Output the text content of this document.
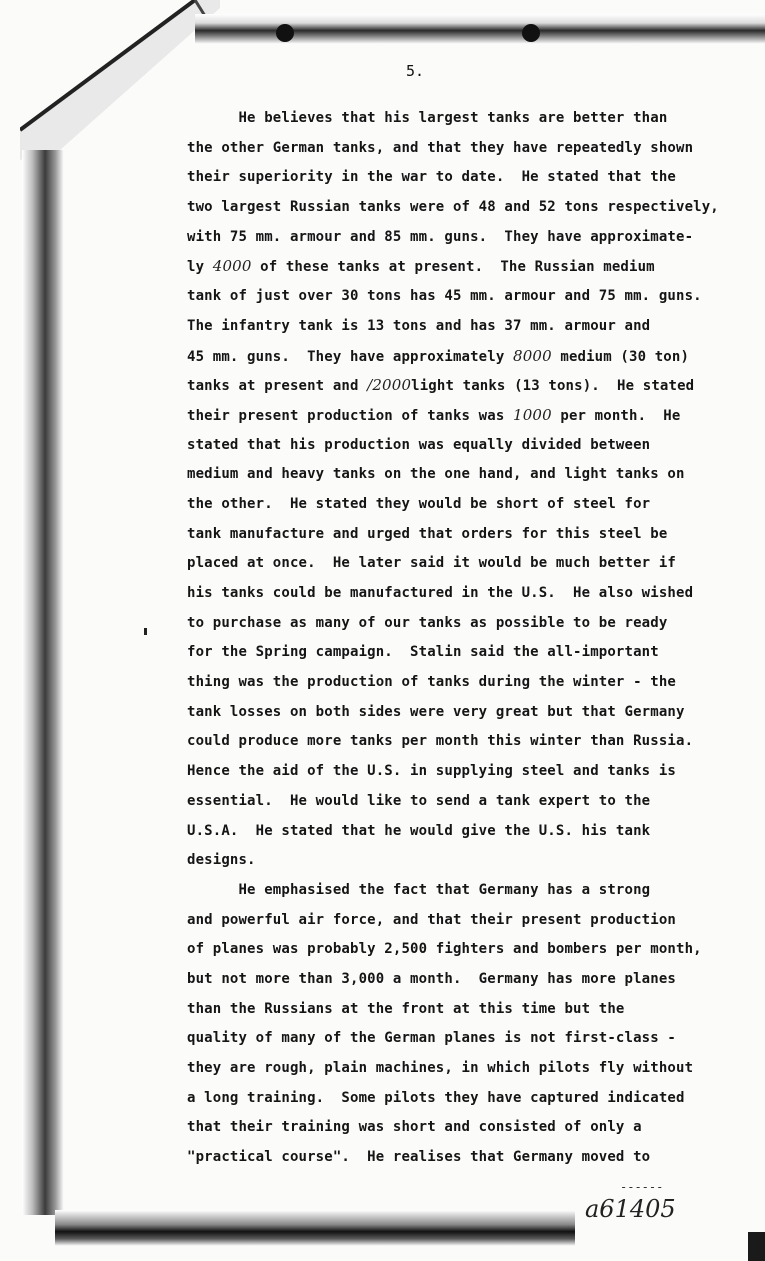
5.
He believes that his largest tanks are better than
the other German tanks, and that they have repeatedly shown
their superiority in the war to date.  He stated that the
two largest Russian tanks were of 48 and 52 tons respectively,
with 75 mm. armour and 85 mm. guns.  They have approximate-
ly 4000 of these tanks at present.  The Russian medium
tank of just over 30 tons has 45 mm. armour and 75 mm. guns.
The infantry tank is 13 tons and has 37 mm. armour and
45 mm. guns.  They have approximately 8000 medium (30 ton)
tanks at present and /2000light tanks (13 tons).  He stated
their present production of tanks was 1000 per month.  He
stated that his production was equally divided between
medium and heavy tanks on the one hand, and light tanks on
the other.  He stated they would be short of steel for
tank manufacture and urged that orders for this steel be
placed at once.  He later said it would be much better if
his tanks could be manufactured in the U.S.  He also wished
to purchase as many of our tanks as possible to be ready
for the Spring campaign.  Stalin said the all-important
thing was the production of tanks during the winter - the
tank losses on both sides were very great but that Germany
could produce more tanks per month this winter than Russia.
Hence the aid of the U.S. in supplying steel and tanks is
essential.  He would like to send a tank expert to the
U.S.A.  He stated that he would give the U.S. his tank
designs.
He emphasised the fact that Germany has a strong
and powerful air force, and that their present production
of planes was probably 2,500 fighters and bombers per month,
but not more than 3,000 a month.  Germany has more planes
than the Russians at the front at this time but the
quality of many of the German planes is not first-class -
they are rough, plain machines, in which pilots fly without
a long training.  Some pilots they have captured indicated
that their training was short and consisted of only a
"practical course".  He realises that Germany moved to
------
a61405
